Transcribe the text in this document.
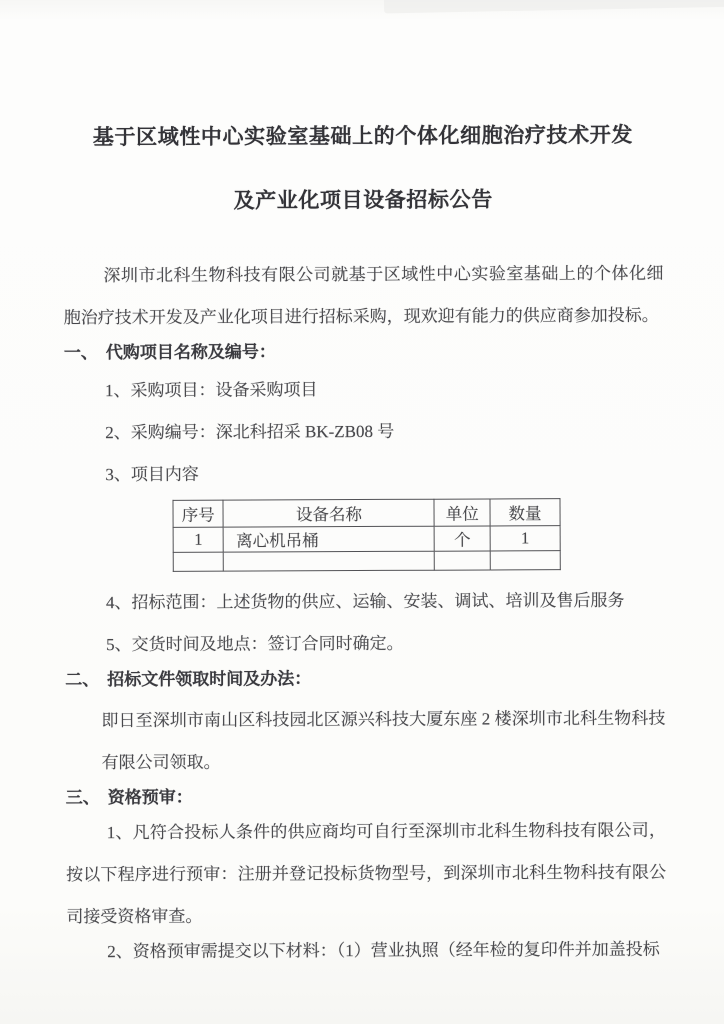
基于区域性中心实验室基础上的个体化细胞治疗技术开发
及产业化项目设备招标公告

深圳市北科生物科技有限公司就基于区域性中心实验室基础上的个体化细胞治疗技术开发及产业化项目进行招标采购，现欢迎有能力的供应商参加投标。

一、 代购项目名称及编号：

1、采购项目：设备采购项目

2、采购编号：深北科招采 BK-ZB08 号

3、项目内容

序号	设备名称	单位	数量
1	离心机吊桶	个	1

4、招标范围：上述货物的供应、运输、安装、调试、培训及售后服务

5、交货时间及地点：签订合同时确定。

二、 招标文件领取时间及办法：

即日至深圳市南山区科技园北区源兴科技大厦东座 2 楼深圳市北科生物科技有限公司领取。

三、 资格预审：

1、凡符合投标人条件的供应商均可自行至深圳市北科生物科技有限公司，按以下程序进行预审：注册并登记投标货物型号，到深圳市北科生物科技有限公司接受资格审查。

2、资格预审需提交以下材料：（1）营业执照（经年检的复印件并加盖投标
